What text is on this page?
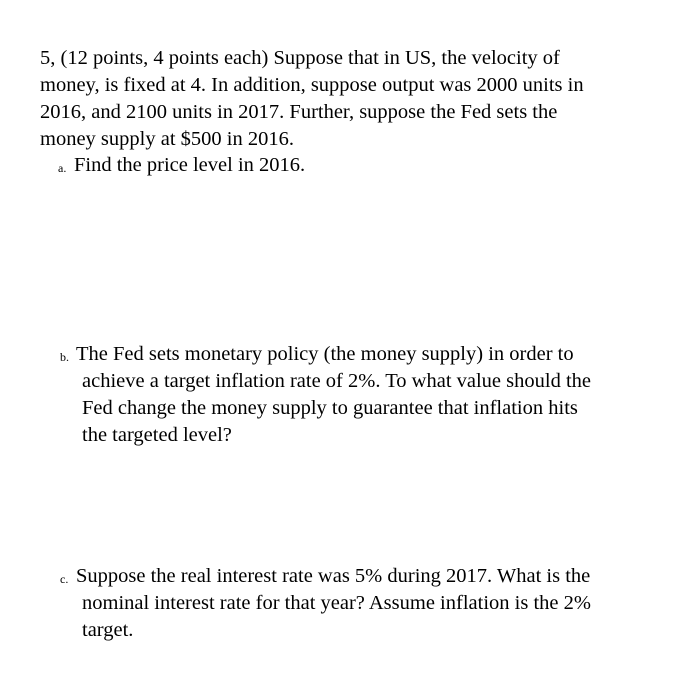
5, (12 points, 4 points each) Suppose that in US, the velocity of
money, is fixed at 4. In addition, suppose output was 2000 units in
2016, and 2100 units in 2017. Further, suppose the Fed sets the
money supply at $500 in 2016.

a. Find the price level in 2016.
b. The Fed sets monetary policy (the money supply) in order to
achieve a target inflation rate of 2%. To what value should the
Fed change the money supply to guarantee that inflation hits
the targeted level?
c. Suppose the real interest rate was 5% during 2017. What is the
nominal interest rate for that year? Assume inflation is the 2%
target.
